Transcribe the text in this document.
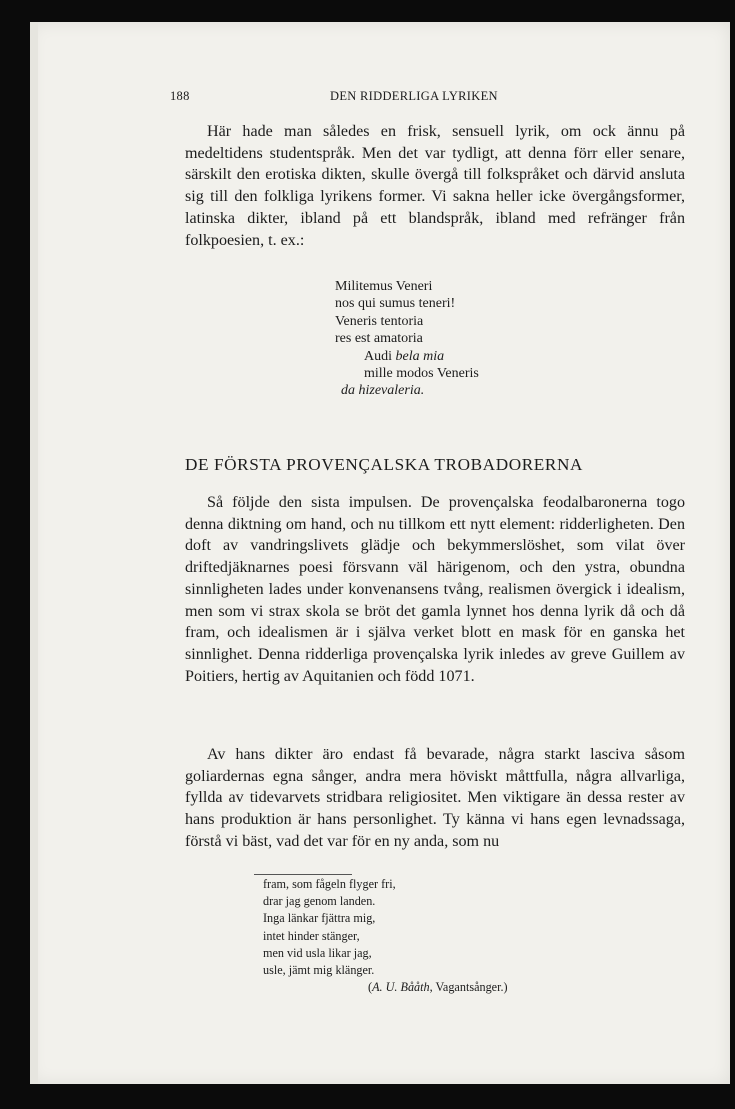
188	DEN RIDDERLIGA LYRIKEN

Här hade man således en frisk, sensuell lyrik, om ock ännu på medeltidens studentspråk. Men det var tydligt, att denna förr eller senare, särskilt den erotiska dikten, skulle övergå till folkspråket och därvid ansluta sig till den folkliga lyrikens former. Vi sakna heller icke övergångsformer, latinska dikter, ibland på ett blandspråk, ibland med refränger från folkpoesien, t. ex.:

Militemus Veneri
nos qui sumus teneri!
Veneris tentoria
res est amatoria
Audi bela mia
mille modos Veneris
da hizevaleria.
DE FÖRSTA PROVENÇALSKA TROBADORERNA

Så följde den sista impulsen. De provençalska feodalbaronerna togo denna diktning om hand, och nu tillkom ett nytt element: ridderligheten. Den doft av vandringslivets glädje och bekymmerslöshet, som vilat över driftedjäknarnes poesi försvann väl härigenom, och den ystra, obundna sinnligheten lades under konvenansens tvång, realismen övergick i idealism, men som vi strax skola se bröt det gamla lynnet hos denna lyrik då och då fram, och idealismen är i själva verket blott en mask för en ganska het sinnlighet. Denna ridderliga provençalska lyrik inledes av greve Guillem av Poitiers, hertig av Aquitanien och född 1071.

Av hans dikter äro endast få bevarade, några starkt lasciva såsom goliardernas egna sånger, andra mera höviskt måttfulla, några allvarliga, fyllda av tidevarvets stridbara religiositet. Men viktigare än dessa rester av hans produktion är hans personlighet. Ty känna vi hans egen levnadssaga, förstå vi bäst, vad det var för en ny anda, som nu

fram, som fågeln flyger fri,
drar jag genom landen.
Inga länkar fjättra mig,
intet hinder stänger,
men vid usla likar jag,
usle, jämt mig klänger.
(A. U. Bååth, Vagantsånger.)
